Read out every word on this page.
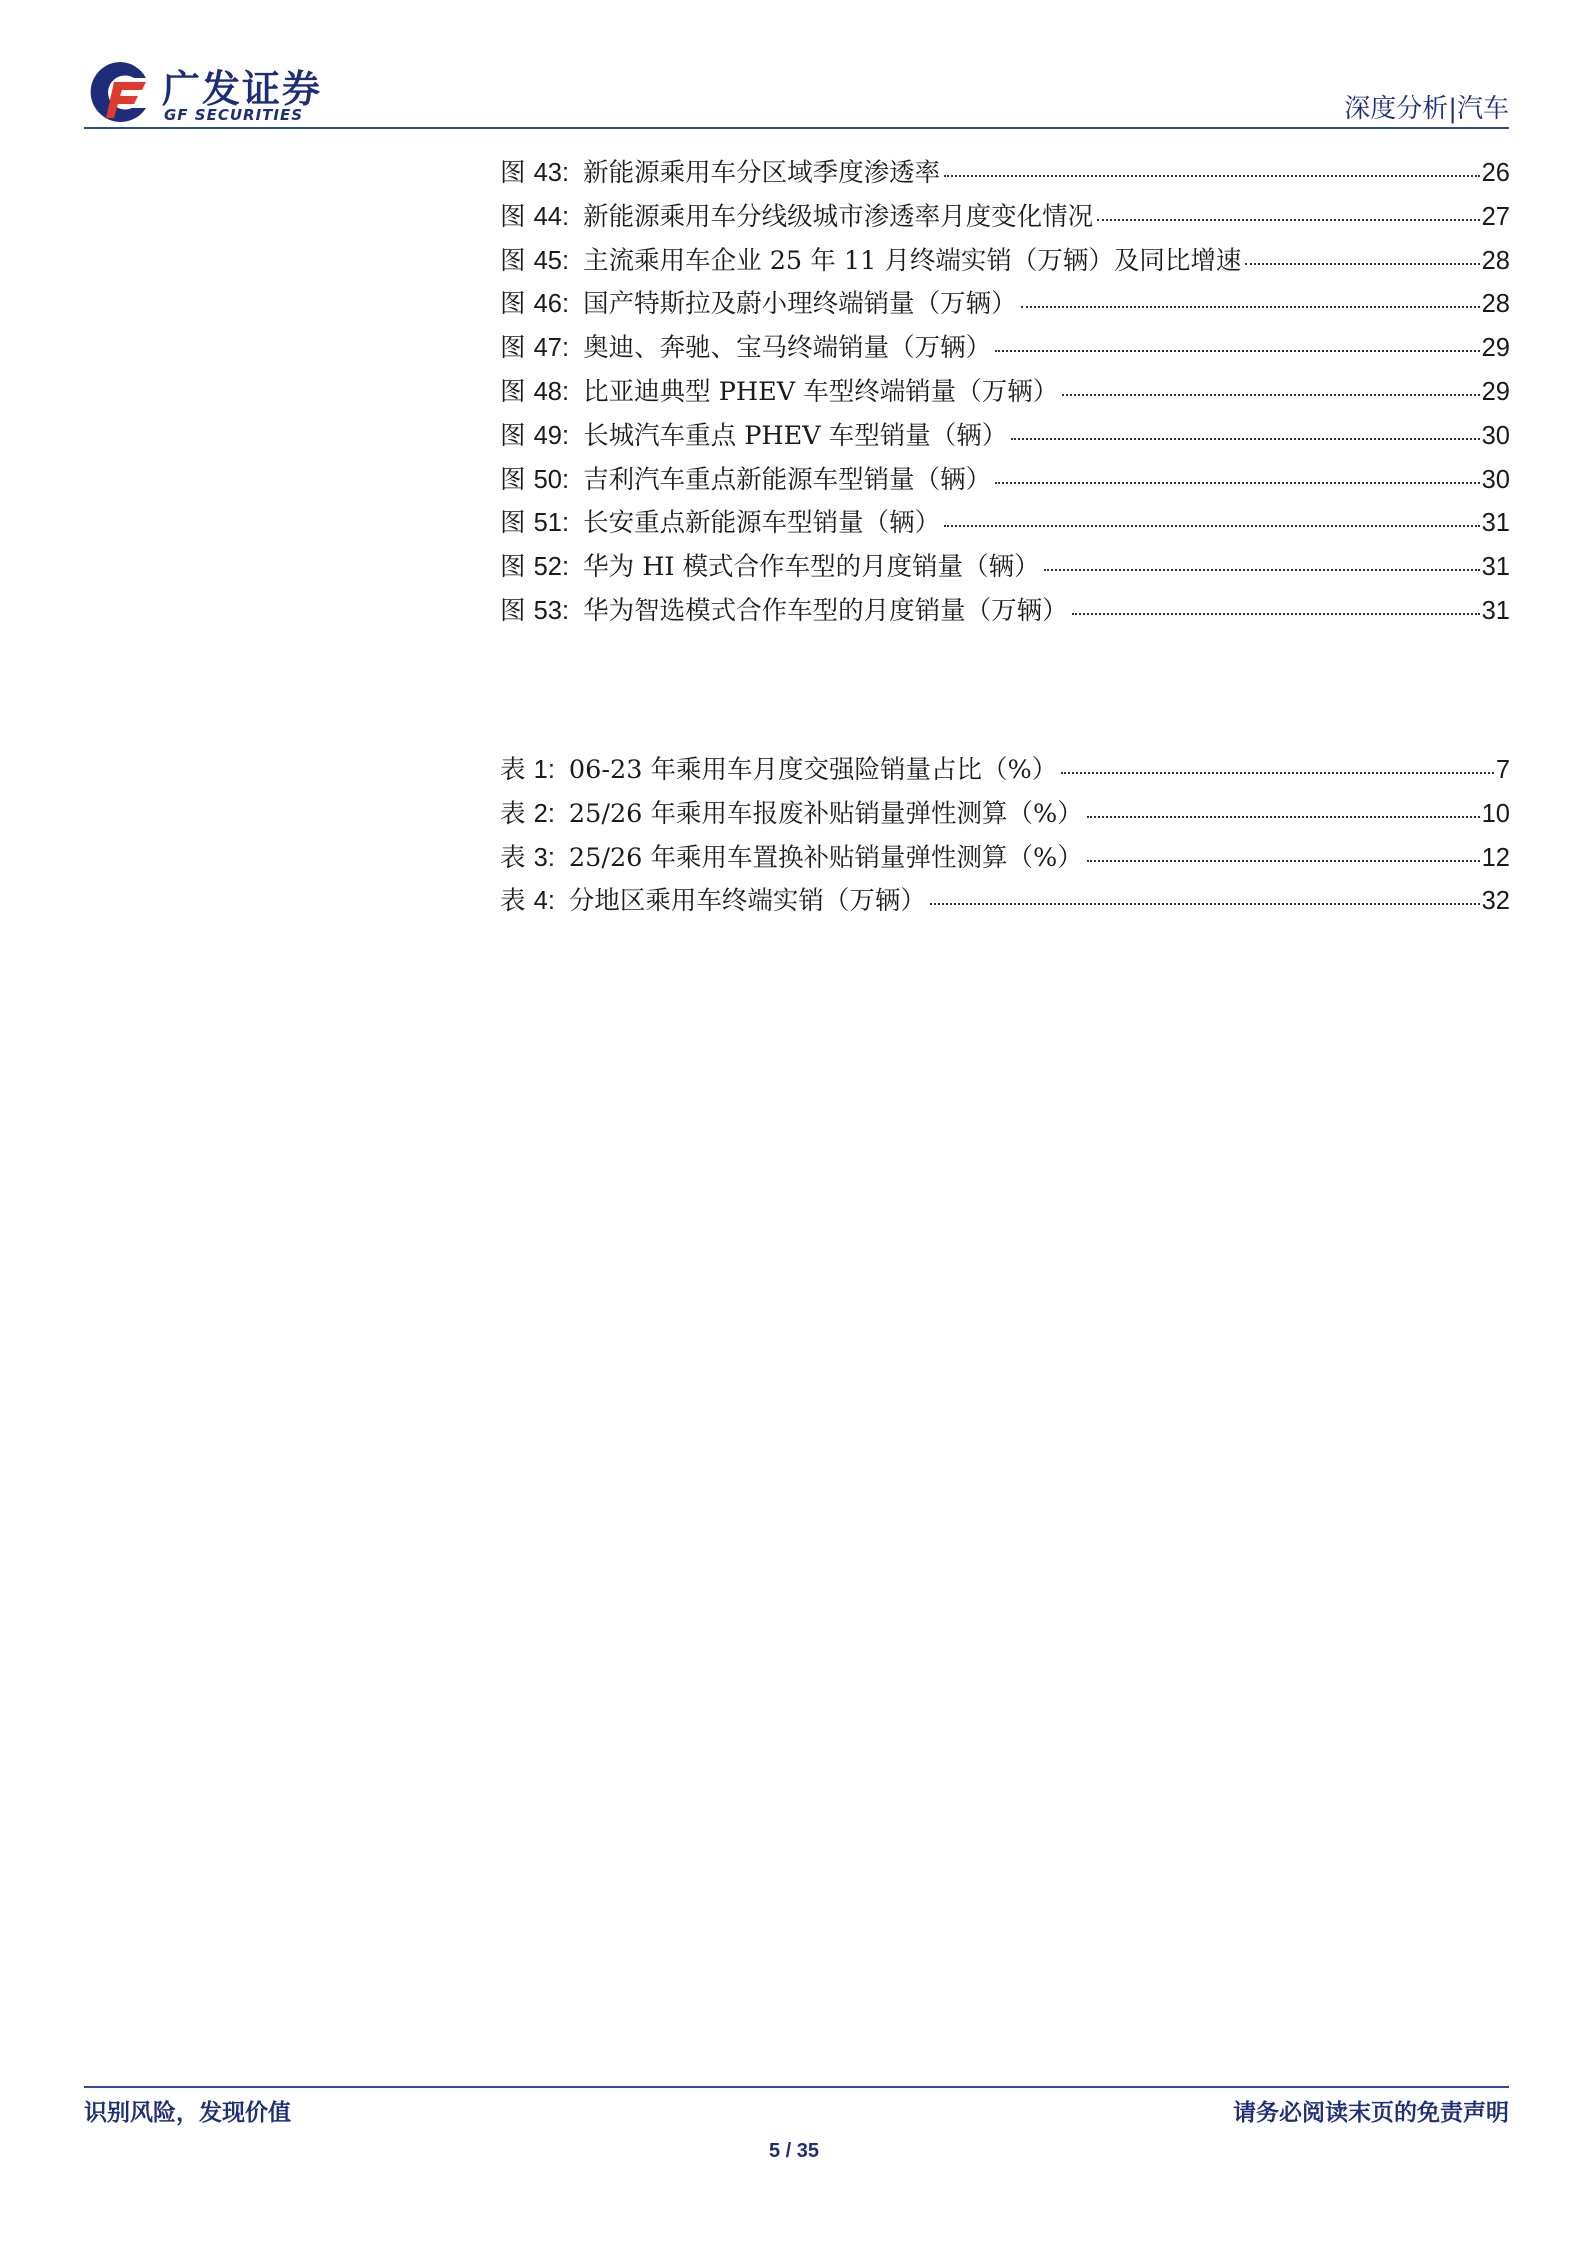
广发证券
GF SECURITIES	深度分析|汽车
图 43: 新能源乘用车分区域季度渗透率	26
图 44: 新能源乘用车分线级城市渗透率月度变化情况	27
图 45: 主流乘用车企业 25 年 11 月终端实销（万辆）及同比增速	28
图 46: 国产特斯拉及蔚小理终端销量（万辆）	28
图 47: 奥迪、奔驰、宝马终端销量（万辆）	29
图 48: 比亚迪典型 PHEV 车型终端销量（万辆）	29
图 49: 长城汽车重点 PHEV 车型销量（辆）	30
图 50: 吉利汽车重点新能源车型销量（辆）	30
图 51: 长安重点新能源车型销量（辆）	31
图 52: 华为 HI 模式合作车型的月度销量（辆）	31
图 53: 华为智选模式合作车型的月度销量（万辆）	31
表 1: 06-23 年乘用车月度交强险销量占比（%）	7
表 2: 25/26 年乘用车报废补贴销量弹性测算（%）	10
表 3: 25/26 年乘用车置换补贴销量弹性测算（%）	12
表 4: 分地区乘用车终端实销（万辆）	32
识别风险，发现价值	请务必阅读末页的免责声明
5 / 35
